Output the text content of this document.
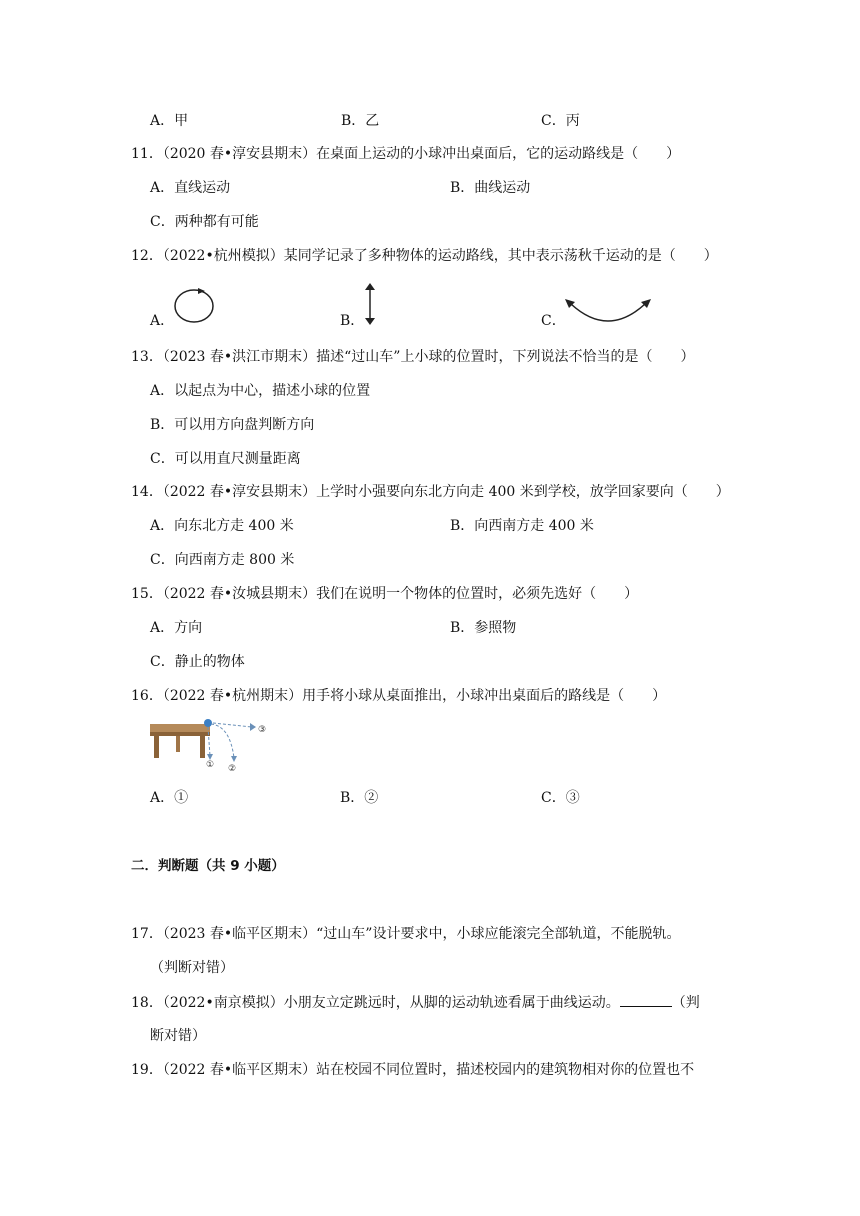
A．甲	B．乙	C．丙
11．（2020 春•淳安县期末）在桌面上运动的小球冲出桌面后，它的运动路线是（　　）
A．直线运动	B．曲线运动
C．两种都有可能
12．（2022•杭州模拟）某同学记录了多种物体的运动路线，其中表示荡秋千运动的是（　　）
A．	B．	C．
13．（2023 春•洪江市期末）描述“过山车”上小球的位置时，下列说法不恰当的是（　　）
A．以起点为中心，描述小球的位置
B．可以用方向盘判断方向
C．可以用直尺测量距离
14．（2022 春•淳安县期末）上学时小强要向东北方向走 400 米到学校，放学回家要向（　　）
A．向东北方走 400 米	B．向西南方走 400 米
C．向西南方走 800 米
15．（2022 春•汝城县期末）我们在说明一个物体的位置时，必须先选好（　　）
A．方向	B．参照物
C．静止的物体
16．（2022 春•杭州期末）用手将小球从桌面推出，小球冲出桌面后的路线是（　　）
① ②
③
A．①	B．②	C．③
二．判断题（共 9 小题）
17．（2023 春•临平区期末）“过山车”设计要求中，小球应能滚完全部轨道，不能脱轨。
（判断对错）
18．（2022•南京模拟）小朋友立定跳远时，从脚的运动轨迹看属于曲线运动。	（判
断对错）
19．（2022 春•临平区期末）站在校园不同位置时，描述校园内的建筑物相对你的位置也不
